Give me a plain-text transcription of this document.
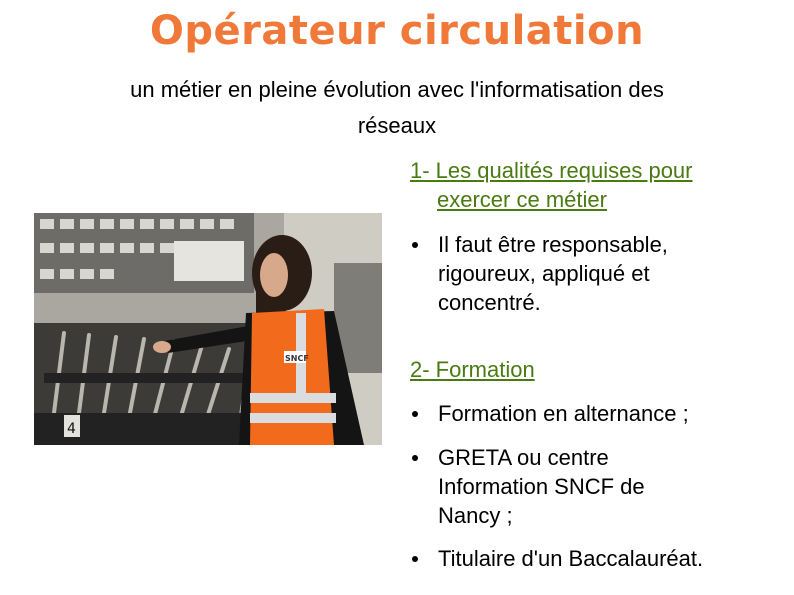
Opérateur circulation
un métier en pleine évolution avec l'informatisation des
réseaux
4
SNCF
1- Les qualités requises pour
exercer ce métier
Il faut être responsable,
rigoureux, appliqué et
concentré.
2- Formation
Formation en alternance ;
GRETA ou centre
Information SNCF de
Nancy ;
Titulaire d'un Baccalauréat.
